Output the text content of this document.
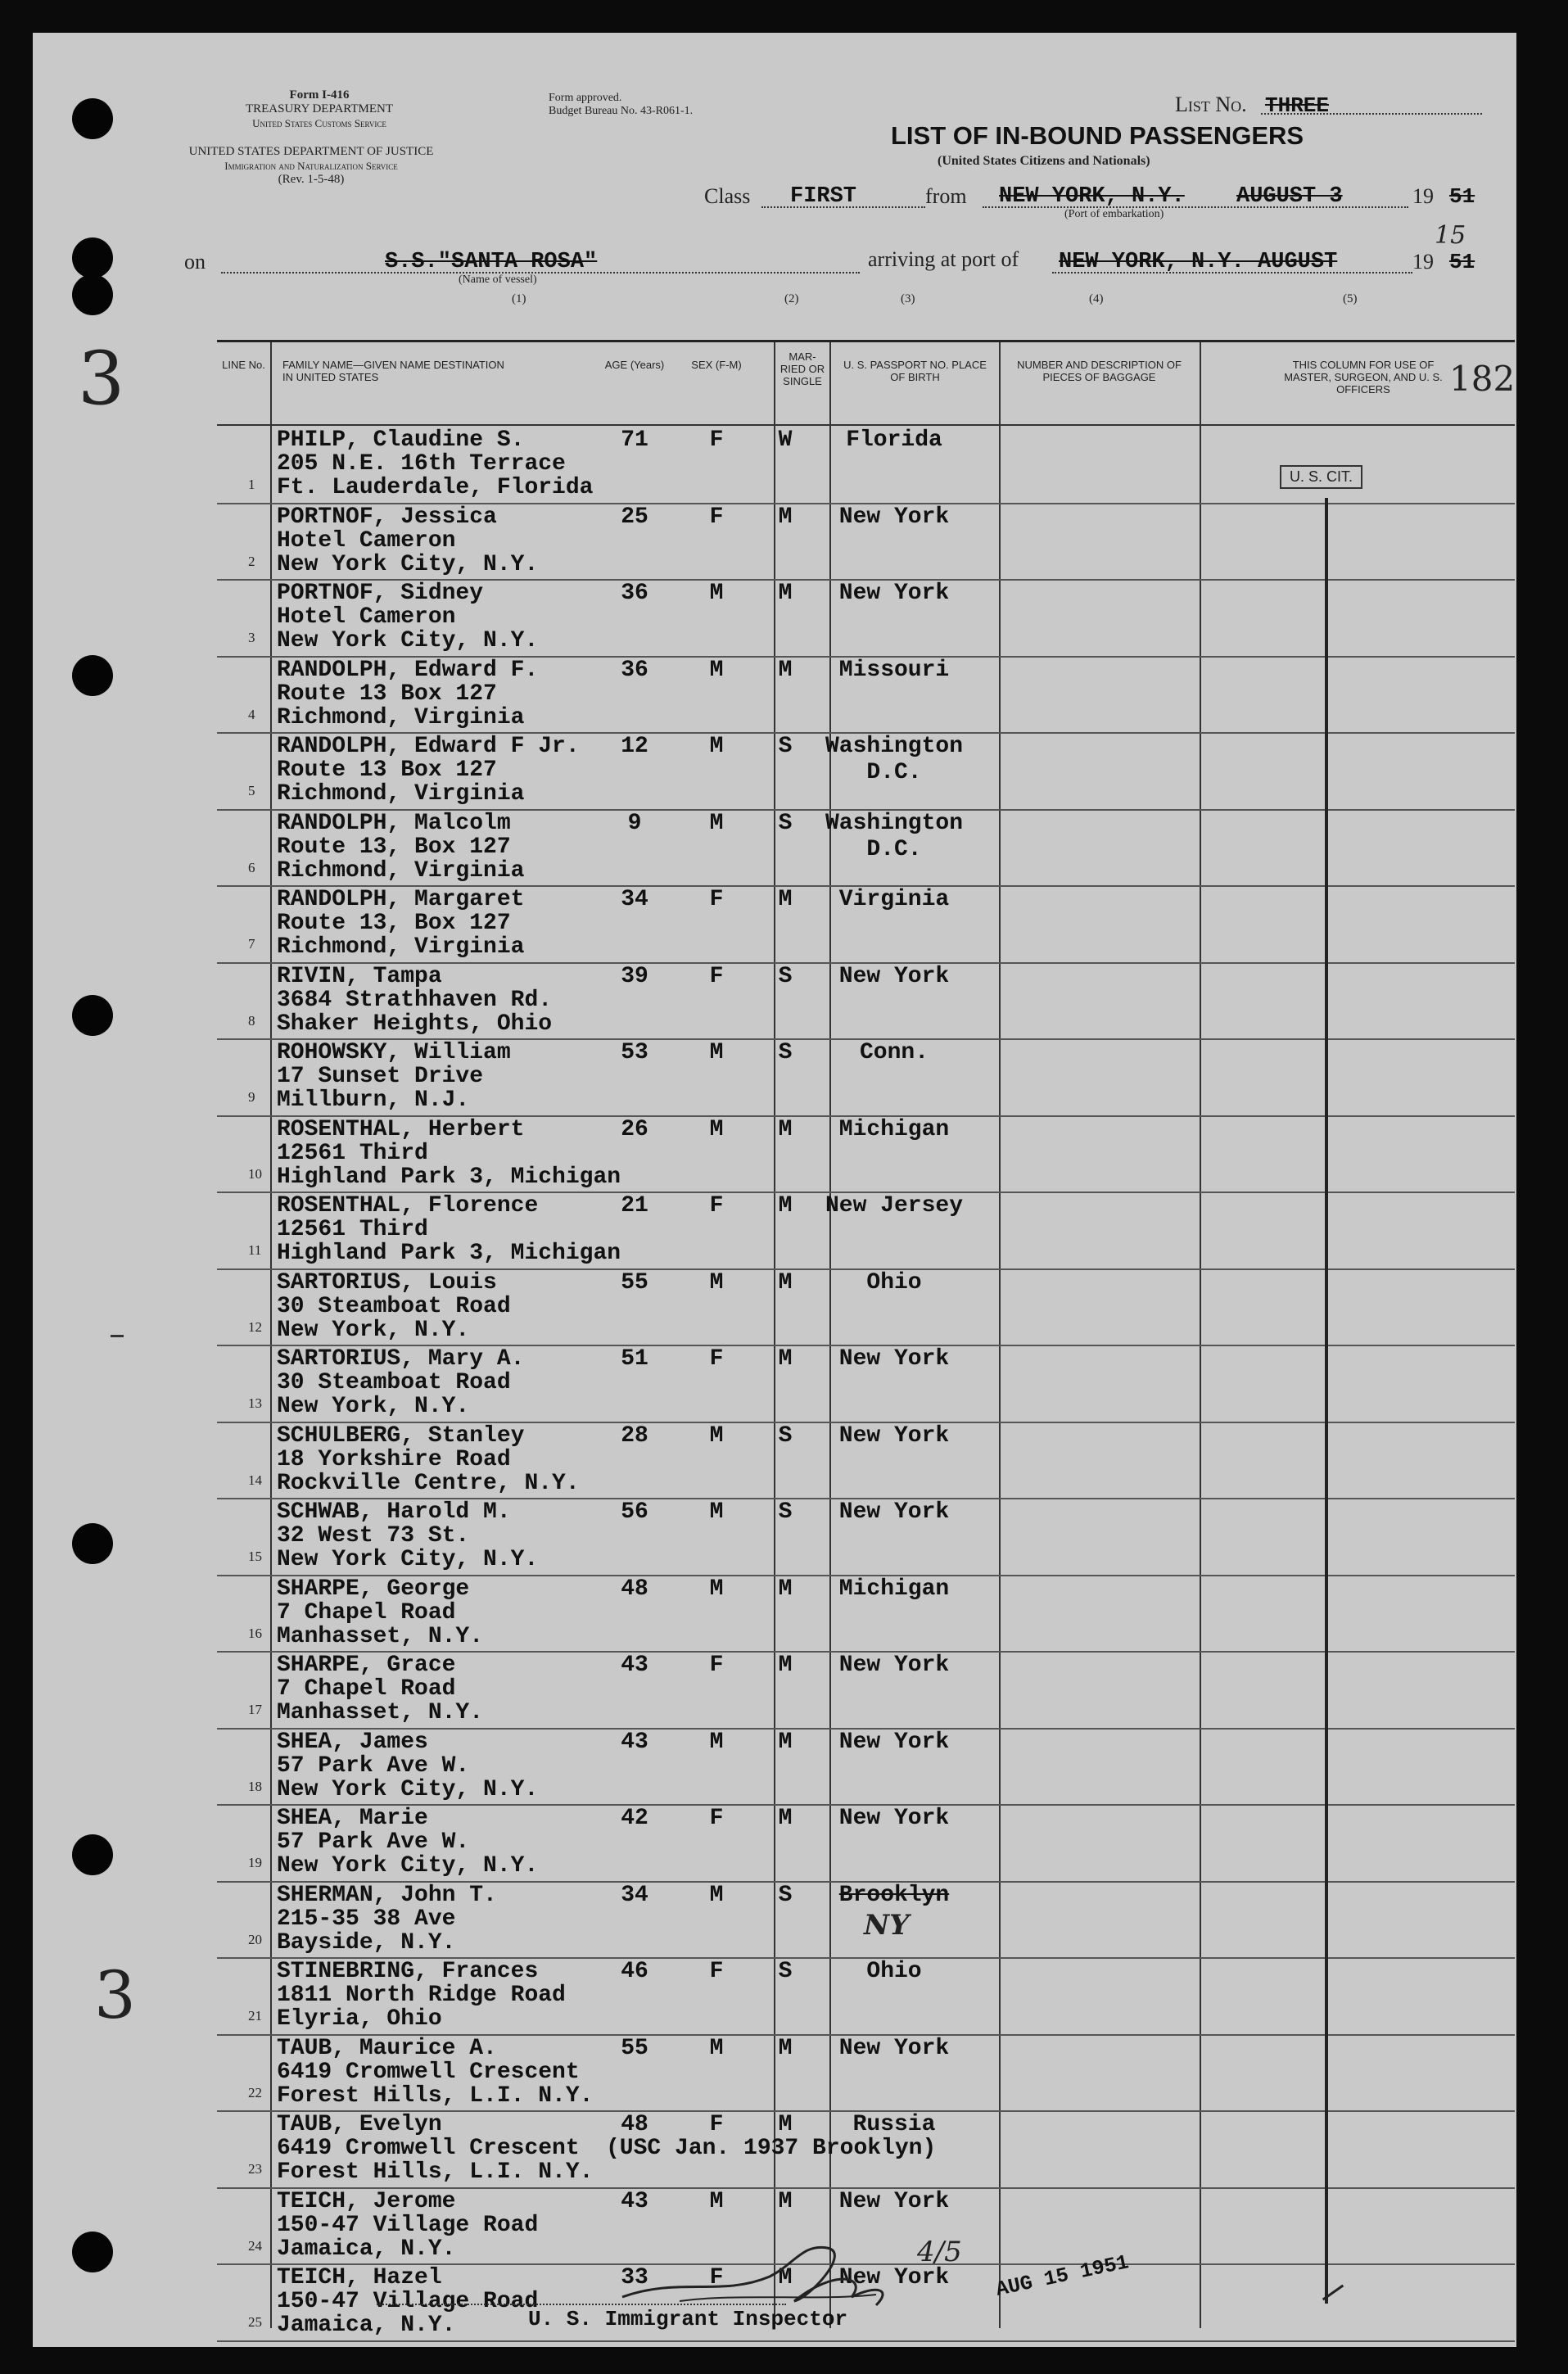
Form I-416
TREASURY DEPARTMENT
United States Customs Service
UNITED STATES DEPARTMENT OF JUSTICE
Immigration and Naturalization Service
(Rev. 1-5-48)
Form approved.
Budget Bureau No. 43-R061-1.	List No. THREE
LIST OF IN-BOUND PASSENGERS
(United States Citizens and Nationals)
Class FIRST	from NEW YORK, N.Y. AUGUST 3	19 51
(Port of embarkation)
on	S.S."SANTA ROSA"
(Name of vessel)
arriving at port of NEW YORK, N.Y. AUGUST
15
19 51
(1)	(2)	(3)	(4)	(5)
3
3
LINE No. FAMILY NAME—GIVEN NAME DESTINATION IN UNITED STATES
AGE (Years)	SEX (F-M)
MAR-RIED OR SINGLE
U. S. PASSPORT NO. PLACE OF BIRTH
NUMBER AND DESCRIPTION OF PIECES OF BAGGAGE
THIS COLUMN FOR USE OF MASTER, SURGEON, AND U. S. OFFICERS	182
1
PHILP, Claudine S.
205 N.E. 16th Terrace
Ft. Lauderdale, Florida
71	F	W	Florida
2
PORTNOF, Jessica
Hotel Cameron
New York City, N.Y.
25	F	M	New York
3
PORTNOF, Sidney
Hotel Cameron
New York City, N.Y.
36	M	M	New York
4
RANDOLPH, Edward F.
Route 13 Box 127
Richmond, Virginia
36	M	M	Missouri
5
RANDOLPH, Edward F Jr.
Route 13 Box 127
Richmond, Virginia
12	M	S	Washington D.C.
6
RANDOLPH, Malcolm
Route 13, Box 127
Richmond, Virginia
9	M	S	Washington D.C.
7
RANDOLPH, Margaret
Route 13, Box 127
Richmond, Virginia
34	F	M	Virginia
8
RIVIN, Tampa
3684 Strathhaven Rd.
Shaker Heights, Ohio
39	F	S	New York
9
ROHOWSKY, William
17 Sunset Drive
Millburn, N.J.
53	M	S	Conn.
10
ROSENTHAL, Herbert
12561 Third
Highland Park 3, Michigan
26	M	M	Michigan
11
ROSENTHAL, Florence
12561 Third
Highland Park 3, Michigan
21	F	M	New Jersey
12
SARTORIUS, Louis
30 Steamboat Road
New York, N.Y.
55	M	M	Ohio
13
SARTORIUS, Mary A.
30 Steamboat Road
New York, N.Y.
51	F	M	New York
14
SCHULBERG, Stanley
18 Yorkshire Road
Rockville Centre, N.Y.
28	M	S	New York
15
SCHWAB, Harold M.
32 West 73 St.
New York City, N.Y.
56	M	S	New York
16
SHARPE, George
7 Chapel Road
Manhasset, N.Y.
48	M	M	Michigan
17
SHARPE, Grace
7 Chapel Road
Manhasset, N.Y.
43	F	M	New York
18
SHEA, James
57 Park Ave W.
New York City, N.Y.
43	M	M	New York
19
SHEA, Marie
57 Park Ave W.
New York City, N.Y.
42	F	M	New York
20
SHERMAN, John T.
215-35 38 Ave
Bayside, N.Y.
34	M	S	Brooklyn
NY
21
STINEBRING, Frances
1811 North Ridge Road
Elyria, Ohio
46	F	S	Ohio
22
TAUB, Maurice A.
6419 Cromwell Crescent
Forest Hills, L.I. N.Y.
55	M	M	New York
23
TAUB, Evelyn
6419 Cromwell Crescent
Forest Hills, L.I. N.Y.
48	F	M	Russia
(USC Jan. 1937 Brooklyn)
24
TEICH, Jerome
150-47 Village Road
Jamaica, N.Y.
43	M	M	New York
25
TEICH, Hazel
150-47 Village Road
Jamaica, N.Y.
33	F	M	New York
U. S. CIT.
U. S. Immigrant Inspector
AUG 15 1951
4/5
